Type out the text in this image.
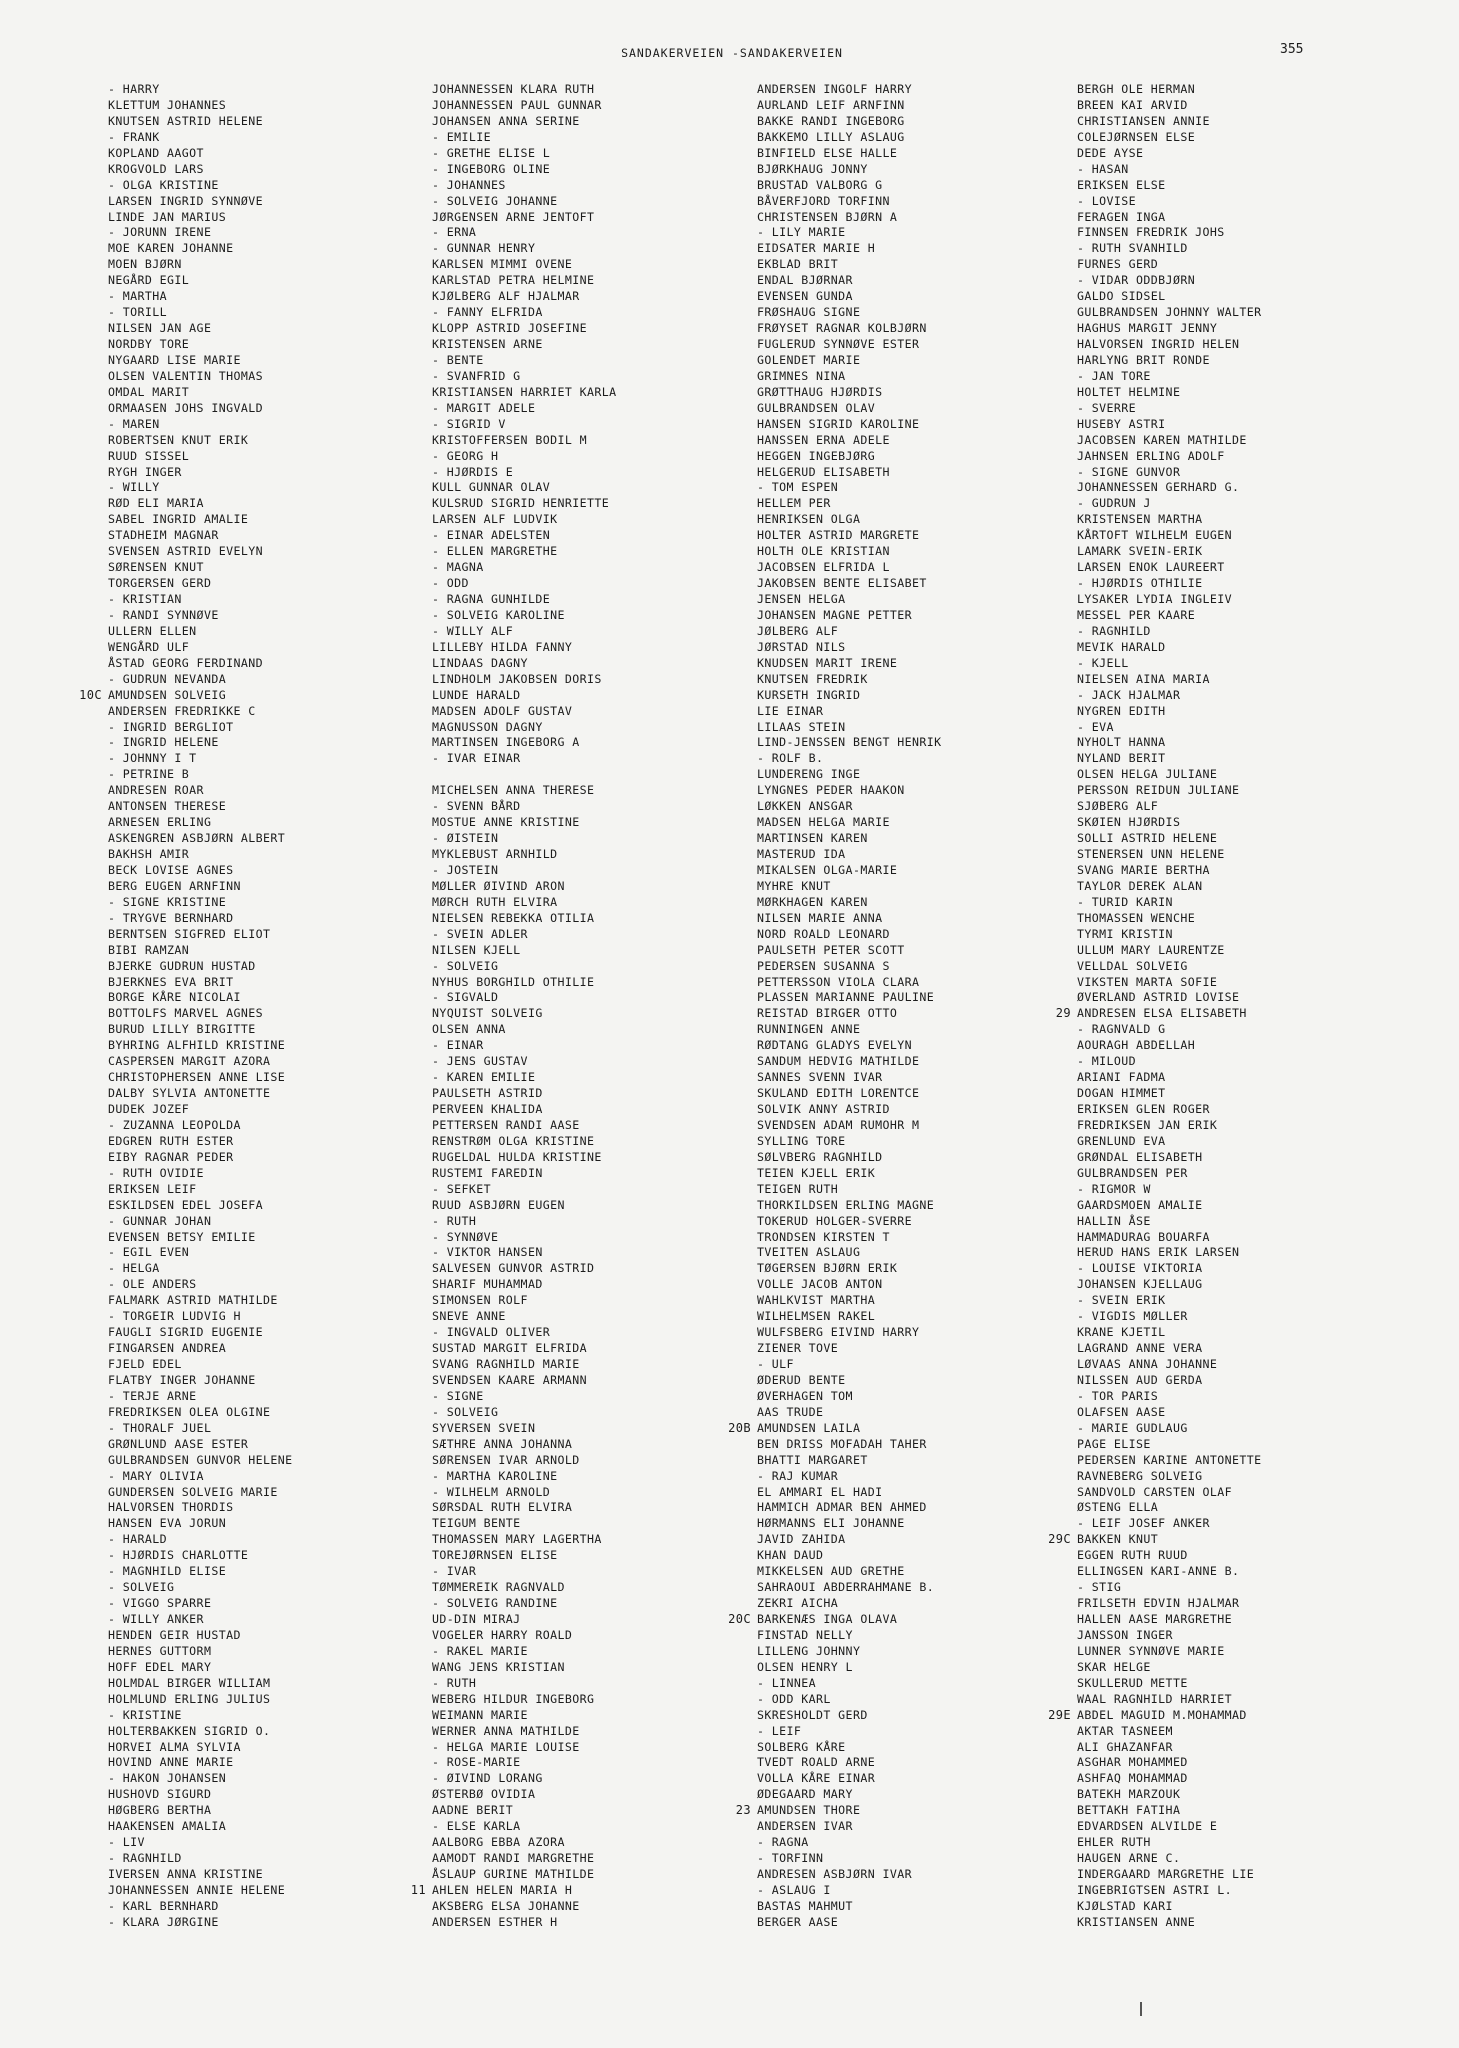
SANDAKERVEIEN -SANDAKERVEIEN	355
- HARRY
KLETTUM JOHANNES
KNUTSEN ASTRID HELENE
- FRANK
KOPLAND AAGOT
KROGVOLD LARS
- OLGA KRISTINE
LARSEN INGRID SYNNØVE
LINDE JAN MARIUS
- JORUNN IRENE
MOE KAREN JOHANNE
MOEN BJØRN
NEGÅRD EGIL
- MARTHA
- TORILL
NILSEN JAN AGE
NORDBY TORE
NYGAARD LISE MARIE
OLSEN VALENTIN THOMAS
OMDAL MARIT
ORMAASEN JOHS INGVALD
- MAREN
ROBERTSEN KNUT ERIK
RUUD SISSEL
RYGH INGER
- WILLY
RØD ELI MARIA
SABEL INGRID AMALIE
STADHEIM MAGNAR
SVENSEN ASTRID EVELYN
SØRENSEN KNUT
TORGERSEN GERD
- KRISTIAN
- RANDI SYNNØVE
ULLERN ELLEN
WENGÅRD ULF
ÅSTAD GEORG FERDINAND
- GUDRUN NEVANDA
10C AMUNDSEN SOLVEIG
ANDERSEN FREDRIKKE C
- INGRID BERGLIOT
- INGRID HELENE
- JOHNNY I T
- PETRINE B
ANDRESEN ROAR
ANTONSEN THERESE
ARNESEN ERLING
ASKENGREN ASBJØRN ALBERT
BAKHSH AMIR
BECK LOVISE AGNES
BERG EUGEN ARNFINN
- SIGNE KRISTINE
- TRYGVE BERNHARD
BERNTSEN SIGFRED ELIOT
BIBI RAMZAN
BJERKE GUDRUN HUSTAD
BJERKNES EVA BRIT
BORGE KÅRE NICOLAI
BOTTOLFS MARVEL AGNES
BURUD LILLY BIRGITTE
BYHRING ALFHILD KRISTINE
CASPERSEN MARGIT AZORA
CHRISTOPHERSEN ANNE LISE
DALBY SYLVIA ANTONETTE
DUDEK JOZEF
- ZUZANNA LEOPOLDA
EDGREN RUTH ESTER
EIBY RAGNAR PEDER
- RUTH OVIDIE
ERIKSEN LEIF
ESKILDSEN EDEL JOSEFA
- GUNNAR JOHAN
EVENSEN BETSY EMILIE
- EGIL EVEN
- HELGA
- OLE ANDERS
FALMARK ASTRID MATHILDE
- TORGEIR LUDVIG H
FAUGLI SIGRID EUGENIE
FINGARSEN ANDREA
FJELD EDEL
FLATBY INGER JOHANNE
- TERJE ARNE
FREDRIKSEN OLEA OLGINE
- THORALF JUEL
GRØNLUND AASE ESTER
GULBRANDSEN GUNVOR HELENE
- MARY OLIVIA
GUNDERSEN SOLVEIG MARIE
HALVORSEN THORDIS
HANSEN EVA JORUN
- HARALD
- HJØRDIS CHARLOTTE
- MAGNHILD ELISE
- SOLVEIG
- VIGGO SPARRE
- WILLY ANKER
HENDEN GEIR HUSTAD
HERNES GUTTORM
HOFF EDEL MARY
HOLMDAL BIRGER WILLIAM
HOLMLUND ERLING JULIUS
- KRISTINE
HOLTERBAKKEN SIGRID O.
HORVEI ALMA SYLVIA
HOVIND ANNE MARIE
- HAKON JOHANSEN
HUSHOVD SIGURD
HØGBERG BERTHA
HAAKENSEN AMALIA
- LIV
- RAGNHILD
IVERSEN ANNA KRISTINE
JOHANNESSEN ANNIE HELENE
- KARL BERNHARD
- KLARA JØRGINE
JOHANNESSEN KLARA RUTH
JOHANNESSEN PAUL GUNNAR
JOHANSEN ANNA SERINE
- EMILIE
- GRETHE ELISE L
- INGEBORG OLINE
- JOHANNES
- SOLVEIG JOHANNE
JØRGENSEN ARNE JENTOFT
- ERNA
- GUNNAR HENRY
KARLSEN MIMMI OVENE
KARLSTAD PETRA HELMINE
KJØLBERG ALF HJALMAR
- FANNY ELFRIDA
KLOPP ASTRID JOSEFINE
KRISTENSEN ARNE
- BENTE
- SVANFRID G
KRISTIANSEN HARRIET KARLA
- MARGIT ADELE
- SIGRID V
KRISTOFFERSEN BODIL M
- GEORG H
- HJØRDIS E
KULL GUNNAR OLAV
KULSRUD SIGRID HENRIETTE
LARSEN ALF LUDVIK
- EINAR ADELSTEN
- ELLEN MARGRETHE
- MAGNA
- ODD
- RAGNA GUNHILDE
- SOLVEIG KAROLINE
- WILLY ALF
LILLEBY HILDA FANNY
LINDAAS DAGNY
LINDHOLM JAKOBSEN DORIS
LUNDE HARALD
MADSEN ADOLF GUSTAV
MAGNUSSON DAGNY
MARTINSEN INGEBORG A
- IVAR EINAR
MICHELSEN ANNA THERESE
- SVENN BÅRD
MOSTUE ANNE KRISTINE
- ØISTEIN
MYKLEBUST ARNHILD
- JOSTEIN
MØLLER ØIVIND ARON
MØRCH RUTH ELVIRA
NIELSEN REBEKKA OTILIA
- SVEIN ADLER
NILSEN KJELL
- SOLVEIG
NYHUS BORGHILD OTHILIE
- SIGVALD
NYQUIST SOLVEIG
OLSEN ANNA
- EINAR
- JENS GUSTAV
- KAREN EMILIE
PAULSETH ASTRID
PERVEEN KHALIDA
PETTERSEN RANDI AASE
RENSTRØM OLGA KRISTINE
RUGELDAL HULDA KRISTINE
RUSTEMI FAREDIN
- SEFKET
RUUD ASBJØRN EUGEN
- RUTH
- SYNNØVE
- VIKTOR HANSEN
SALVESEN GUNVOR ASTRID
SHARIF MUHAMMAD
SIMONSEN ROLF
SNEVE ANNE
- INGVALD OLIVER
SUSTAD MARGIT ELFRIDA
SVANG RAGNHILD MARIE
SVENDSEN KAARE ARMANN
- SIGNE
- SOLVEIG
SYVERSEN SVEIN
SÆTHRE ANNA JOHANNA
SØRENSEN IVAR ARNOLD
- MARTHA KAROLINE
- WILHELM ARNOLD
SØRSDAL RUTH ELVIRA
TEIGUM BENTE
THOMASSEN MARY LAGERTHA
TOREJØRNSEN ELISE
- IVAR
TØMMEREIK RAGNVALD
- SOLVEIG RANDINE
UD-DIN MIRAJ
VOGELER HARRY ROALD
- RAKEL MARIE
WANG JENS KRISTIAN
- RUTH
WEBERG HILDUR INGEBORG
WEIMANN MARIE
WERNER ANNA MATHILDE
- HELGA MARIE LOUISE
- ROSE-MARIE
- ØIVIND LORANG
ØSTERBØ OVIDIA
AADNE BERIT
- ELSE KARLA
AALBORG EBBA AZORA
AAMODT RANDI MARGRETHE
ÅSLAUP GURINE MATHILDE
11 AHLEN HELEN MARIA H
AKSBERG ELSA JOHANNE
ANDERSEN ESTHER H
ANDERSEN INGOLF HARRY
AURLAND LEIF ARNFINN
BAKKE RANDI INGEBORG
BAKKEMO LILLY ASLAUG
BINFIELD ELSE HALLE
BJØRKHAUG JONNY
BRUSTAD VALBORG G
BÅVERFJORD TORFINN
CHRISTENSEN BJØRN A
- LILY MARIE
EIDSATER MARIE H
EKBLAD BRIT
ENDAL BJØRNAR
EVENSEN GUNDA
FRØSHAUG SIGNE
FRØYSET RAGNAR KOLBJØRN
FUGLERUD SYNNØVE ESTER
GOLENDET MARIE
GRIMNES NINA
GRØTTHAUG HJØRDIS
GULBRANDSEN OLAV
HANSEN SIGRID KAROLINE
HANSSEN ERNA ADELE
HEGGEN INGEBJØRG
HELGERUD ELISABETH
- TOM ESPEN
HELLEM PER
HENRIKSEN OLGA
HOLTER ASTRID MARGRETE
HOLTH OLE KRISTIAN
JACOBSEN ELFRIDA L
JAKOBSEN BENTE ELISABET
JENSEN HELGA
JOHANSEN MAGNE PETTER
JØLBERG ALF
JØRSTAD NILS
KNUDSEN MARIT IRENE
KNUTSEN FREDRIK
KURSETH INGRID
LIE EINAR
LILAAS STEIN
LIND-JENSSEN BENGT HENRIK
- ROLF B.
LUNDERENG INGE
LYNGNES PEDER HAAKON
LØKKEN ANSGAR
MADSEN HELGA MARIE
MARTINSEN KAREN
MASTERUD IDA
MIKALSEN OLGA-MARIE
MYHRE KNUT
MØRKHAGEN KAREN
NILSEN MARIE ANNA
NORD ROALD LEONARD
PAULSETH PETER SCOTT
PEDERSEN SUSANNA S
PETTERSSON VIOLA CLARA
PLASSEN MARIANNE PAULINE
REISTAD BIRGER OTTO
RUNNINGEN ANNE
RØDTANG GLADYS EVELYN
SANDUM HEDVIG MATHILDE
SANNES SVENN IVAR
SKULAND EDITH LORENTCE
SOLVIK ANNY ASTRID
SVENDSEN ADAM RUMOHR M
SYLLING TORE
SØLVBERG RAGNHILD
TEIEN KJELL ERIK
TEIGEN RUTH
THORKILDSEN ERLING MAGNE
TOKERUD HOLGER-SVERRE
TRONDSEN KIRSTEN T
TVEITEN ASLAUG
TØGERSEN BJØRN ERIK
VOLLE JACOB ANTON
WAHLKVIST MARTHA
WILHELMSEN RAKEL
WULFSBERG EIVIND HARRY
ZIENER TOVE
- ULF
ØDERUD BENTE
ØVERHAGEN TOM
AAS TRUDE
20B AMUNDSEN LAILA
BEN DRISS MOFADAH TAHER
BHATTI MARGARET
- RAJ KUMAR
EL AMMARI EL HADI
HAMMICH ADMAR BEN AHMED
HØRMANNS ELI JOHANNE
JAVID ZAHIDA
KHAN DAUD
MIKKELSEN AUD GRETHE
SAHRAOUI ABDERRAHMANE B.
ZEKRI AICHA
20C BARKENÆS INGA OLAVA
FINSTAD NELLY
LILLENG JOHNNY
OLSEN HENRY L
- LINNEA
- ODD KARL
SKRESHOLDT GERD
- LEIF
SOLBERG KÅRE
TVEDT ROALD ARNE
VOLLA KÅRE EINAR
ØDEGAARD MARY
23 AMUNDSEN THORE
ANDERSEN IVAR
- RAGNA
- TORFINN
ANDRESEN ASBJØRN IVAR
- ASLAUG I
BASTAS MAHMUT
BERGER AASE
BERGH OLE HERMAN
BREEN KAI ARVID
CHRISTIANSEN ANNIE
COLEJØRNSEN ELSE
DEDE AYSE
- HASAN
ERIKSEN ELSE
- LOVISE
FERAGEN INGA
FINNSEN FREDRIK JOHS
- RUTH SVANHILD
FURNES GERD
- VIDAR ODDBJØRN
GALDO SIDSEL
GULBRANDSEN JOHNNY WALTER
HAGHUS MARGIT JENNY
HALVORSEN INGRID HELEN
HARLYNG BRIT RONDE
- JAN TORE
HOLTET HELMINE
- SVERRE
HUSEBY ASTRI
JACOBSEN KAREN MATHILDE
JAHNSEN ERLING ADOLF
- SIGNE GUNVOR
JOHANNESSEN GERHARD G.
- GUDRUN J
KRISTENSEN MARTHA
KÅRTOFT WILHELM EUGEN
LAMARK SVEIN-ERIK
LARSEN ENOK LAUREERT
- HJØRDIS OTHILIE
LYSAKER LYDIA INGLEIV
MESSEL PER KAARE
- RAGNHILD
MEVIK HARALD
- KJELL
NIELSEN AINA MARIA
- JACK HJALMAR
NYGREN EDITH
- EVA
NYHOLT HANNA
NYLAND BERIT
OLSEN HELGA JULIANE
PERSSON REIDUN JULIANE
SJØBERG ALF
SKØIEN HJØRDIS
SOLLI ASTRID HELENE
STENERSEN UNN HELENE
SVANG MARIE BERTHA
TAYLOR DEREK ALAN
- TURID KARIN
THOMASSEN WENCHE
TYRMI KRISTIN
ULLUM MARY LAURENTZE
VELLDAL SOLVEIG
VIKSTEN MARTA SOFIE
ØVERLAND ASTRID LOVISE
29 ANDRESEN ELSA ELISABETH
- RAGNVALD G
AOURAGH ABDELLAH
- MILOUD
ARIANI FADMA
DOGAN HIMMET
ERIKSEN GLEN ROGER
FREDRIKSEN JAN ERIK
GRENLUND EVA
GRØNDAL ELISABETH
GULBRANDSEN PER
- RIGMOR W
GAARDSMOEN AMALIE
HALLIN ÅSE
HAMMADURAG BOUARFA
HERUD HANS ERIK LARSEN
- LOUISE VIKTORIA
JOHANSEN KJELLAUG
- SVEIN ERIK
- VIGDIS MØLLER
KRANE KJETIL
LAGRAND ANNE VERA
LØVAAS ANNA JOHANNE
NILSSEN AUD GERDA
- TOR PARIS
OLAFSEN AASE
- MARIE GUDLAUG
PAGE ELISE
PEDERSEN KARINE ANTONETTE
RAVNEBERG SOLVEIG
SANDVOLD CARSTEN OLAF
ØSTENG ELLA
- LEIF JOSEF ANKER
29C BAKKEN KNUT
EGGEN RUTH RUUD
ELLINGSEN KARI-ANNE B.
- STIG
FRILSETH EDVIN HJALMAR
HALLEN AASE MARGRETHE
JANSSON INGER
LUNNER SYNNØVE MARIE
SKAR HELGE
SKULLERUD METTE
WAAL RAGNHILD HARRIET
29E ABDEL MAGUID M.MOHAMMAD
AKTAR TASNEEM
ALI GHAZANFAR
ASGHAR MOHAMMED
ASHFAQ MOHAMMAD
BATEKH MARZOUK
BETTAKH FATIHA
EDVARDSEN ALVILDE E
EHLER RUTH
HAUGEN ARNE C.
INDERGAARD MARGRETHE LIE
INGEBRIGTSEN ASTRI L.
KJØLSTAD KARI
KRISTIANSEN ANNE
